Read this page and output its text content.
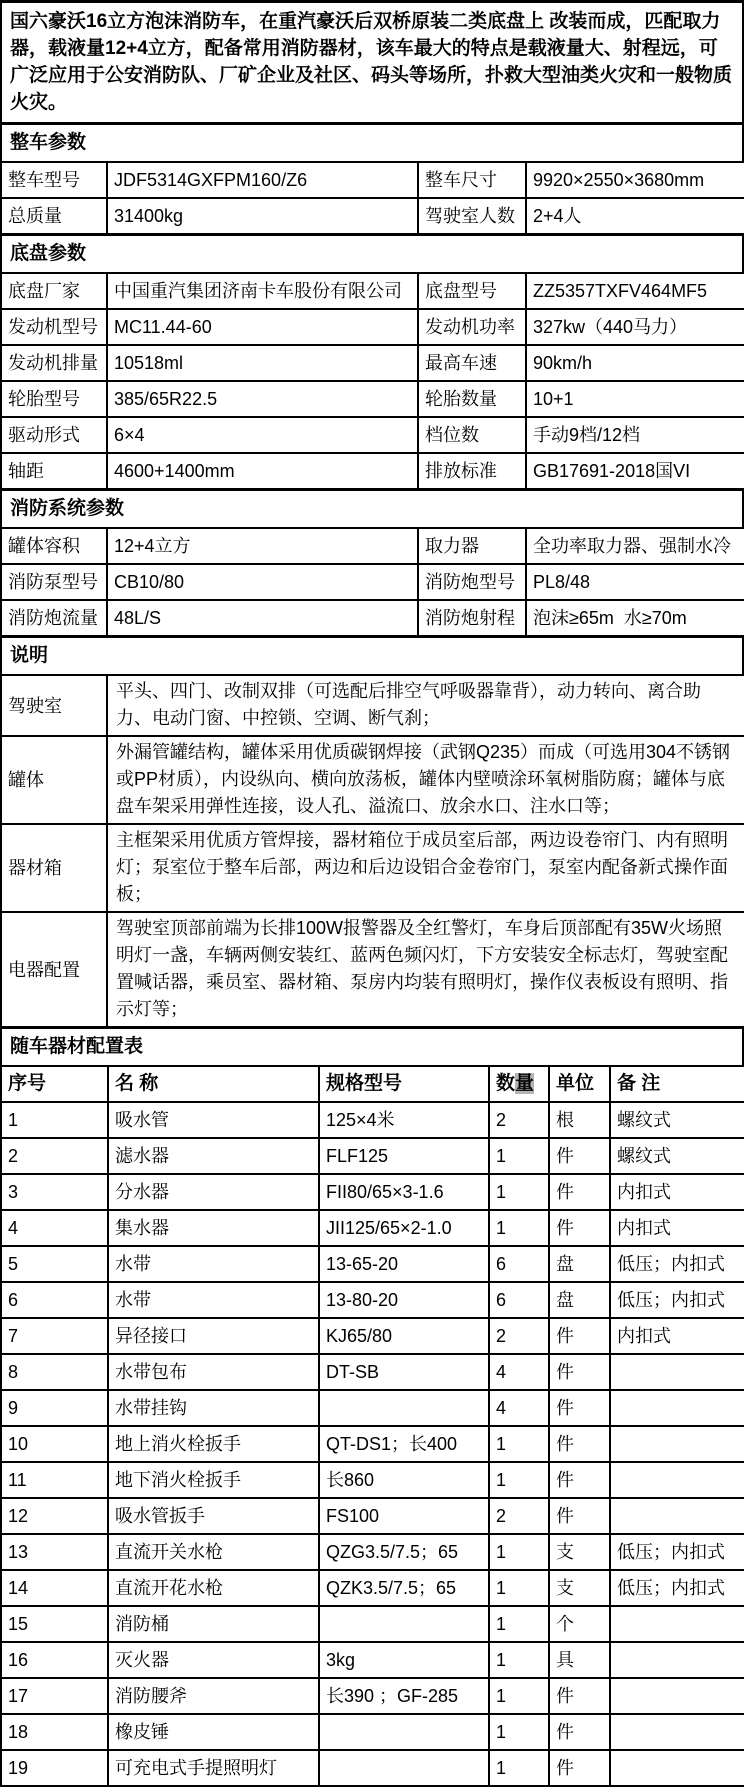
国六豪沃16立方泡沫消防车，在重汽豪沃后双桥原装二类底盘上 改装而成，匹配取力器，载液量12+4立方，配备常用消防器材，该车最大的特点是载液量大、射程远，可广泛应用于公安消防队、厂矿企业及社区、码头等场所，扑救大型油类火灾和一般物质火灾。
整车参数
整车型号	JDF5314GXFPM160/Z6	整车尺寸	9920×2550×3680mm
总质量	31400kg	驾驶室人数	2+4人
底盘参数
底盘厂家	中国重汽集团济南卡车股份有限公司	底盘型号	ZZ5357TXFV464MF5
发动机型号	MC11.44-60	发动机功率	327kw（440马力）
发动机排量	10518ml	最高车速	90km/h
轮胎型号	385/65R22.5	轮胎数量	10+1
驱动形式	6×4	档位数	手动9档/12档
轴距	4600+1400mm	排放标准	GB17691-2018国VI
消防系统参数
罐体容积	12+4立方	取力器	全功率取力器、强制水冷
消防泵型号	CB10/80	消防炮型号	PL8/48
消防炮流量	48L/S	消防炮射程	泡沫≥65m  水≥70m
说明
驾驶室	平头、四门、改制双排（可选配后排空气呼吸器靠背），动力转向、离合助力、电动门窗、中控锁、空调、断气刹；
罐体	外漏管罐结构，罐体采用优质碳钢焊接（武钢Q235）而成（可选用304不锈钢或PP材质），内设纵向、横向放荡板，罐体内壁喷涂环氧树脂防腐；罐体与底盘车架采用弹性连接，设人孔、溢流口、放余水口、注水口等；
器材箱	主框架采用优质方管焊接，器材箱位于成员室后部，两边设卷帘门、内有照明灯；泵室位于整车后部，两边和后边设铝合金卷帘门，泵室内配备新式操作面板；
电器配置	驾驶室顶部前端为长排100W报警器及全红警灯，车身后顶部配有35W火场照明灯一盏，车辆两侧安装红、蓝两色频闪灯，下方安装安全标志灯，驾驶室配置喊话器，乘员室、器材箱、泵房内均装有照明灯，操作仪表板设有照明、指示灯等；
随车器材配置表
序号	名 称	规格型号	数量	单位	备 注
1	吸水管	125×4米	2	根	螺纹式
2	滤水器	FLF125	1	件	螺纹式
3	分水器	FII80/65×3-1.6	1	件	内扣式
4	集水器	JII125/65×2-1.0	1	件	内扣式
5	水带	13-65-20	6	盘	低压；内扣式
6	水带	13-80-20	6	盘	低压；内扣式
7	异径接口	KJ65/80	2	件	内扣式
8	水带包布	DT-SB	4	件	
9	水带挂钩		4	件	
10	地上消火栓扳手	QT-DS1；长400	1	件	
11	地下消火栓扳手	长860	1	件	
12	吸水管扳手	FS100	2	件	
13	直流开关水枪	QZG3.5/7.5；65	1	支	低压；内扣式
14	直流开花水枪	QZK3.5/7.5；65	1	支	低压；内扣式
15	消防桶		1	个	
16	灭火器	3kg	1	具	
17	消防腰斧	长390 ；GF-285	1	件	
18	橡皮锤		1	件	
19	可充电式手提照明灯		1	件	
